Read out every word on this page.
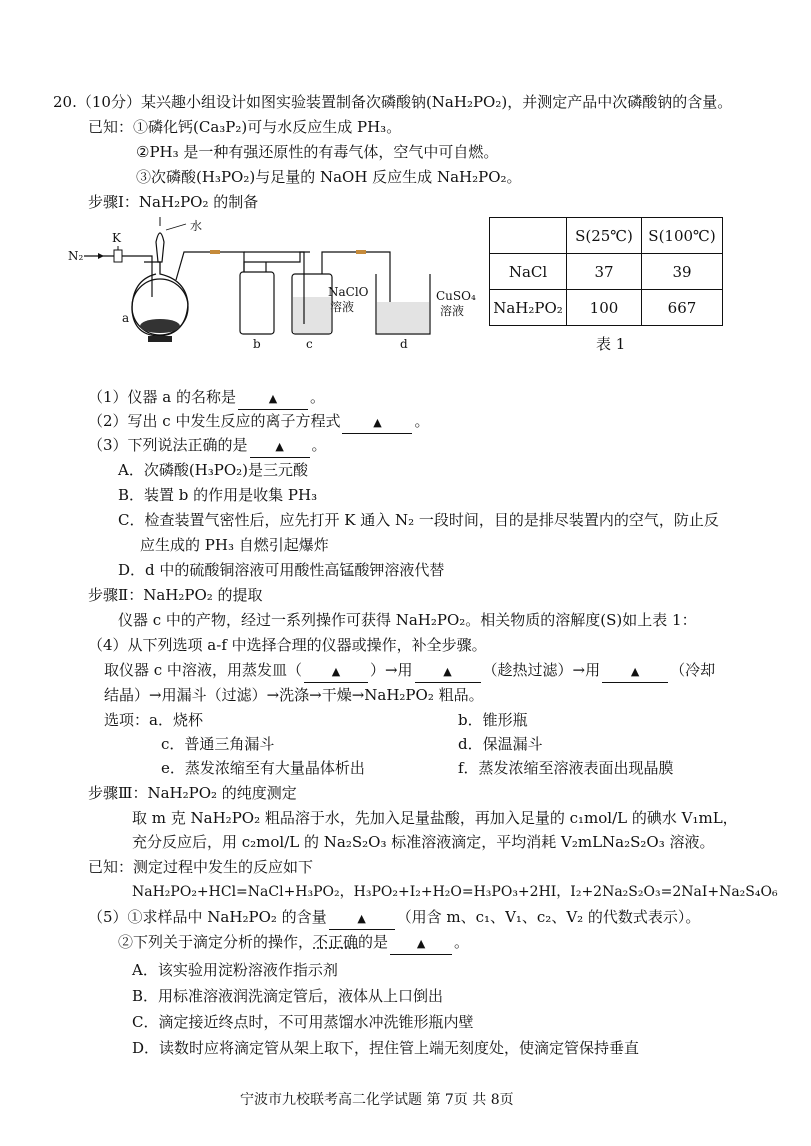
20.（10分）某兴趣小组设计如图实验装置制备次磷酸钠(NaH₂PO₂)，并测定产品中次磷酸钠的含量。
已知：①磷化钙(Ca₃P₂)可与水反应生成 PH₃。
②PH₃ 是一种有强还原性的有毒气体，空气中可自燃。
③次磷酸(H₃PO₂)与足量的 NaOH 反应生成 NaH₂PO₂。
步骤Ⅰ：NaH₂PO₂ 的制备
N₂
K
a
水
b
NaClO
溶液
c
CuSO₄
溶液
d
	S(25℃)	S(100℃)
NaCl	37	39
NaH₂PO₂	100	667
表 1
（1）仪器 a 的名称是	▲ 。
（2）写出 c 中发生反应的离子方程式	▲ 。
（3）下列说法正确的是	▲ 。
A．次磷酸(H₃PO₂)是三元酸
B．装置 b 的作用是收集 PH₃
C．检查装置气密性后，应先打开 K 通入 N₂ 一段时间，目的是排尽装置内的空气，防止反
应生成的 PH₃ 自燃引起爆炸
D．d 中的硫酸铜溶液可用酸性高锰酸钾溶液代替
步骤Ⅱ：NaH₂PO₂ 的提取
仪器 c 中的产物，经过一系列操作可获得 NaH₂PO₂。相关物质的溶解度(S)如上表 1：
（4）从下列选项 a-f 中选择合理的仪器或操作，补全步骤。
取仪器 c 中溶液，用蒸发皿（	▲ ）→用	▲ （趁热过滤）→用	▲ （冷却
结晶）→用漏斗（过滤）→洗涤→干燥→NaH₂PO₂ 粗品。
选项：a．烧杯	b．锥形瓶
c．普通三角漏斗	d．保温漏斗
e．蒸发浓缩至有大量晶体析出	f．蒸发浓缩至溶液表面出现晶膜
步骤Ⅲ：NaH₂PO₂ 的纯度测定
取 m 克 NaH₂PO₂ 粗品溶于水，先加入足量盐酸，再加入足量的 c₁mol/L 的碘水 V₁mL，
充分反应后，用 c₂mol/L 的 Na₂S₂O₃ 标准溶液滴定，平均消耗 V₂mLNa₂S₂O₃ 溶液。
已知：测定过程中发生的反应如下
NaH₂PO₂+HCl=NaCl+H₃PO₂，H₃PO₂+I₂+H₂O=H₃PO₃+2HI，I₂+2Na₂S₂O₃=2NaI+Na₂S₄O₆
（5）①求样品中 NaH₂PO₂ 的含量	▲ （用含 m、c₁、V₁、c₂、V₂ 的代数式表示）。
②下列关于滴定分析的操作，不正确的是	▲ 。
A．该实验用淀粉溶液作指示剂
B．用标准溶液润洗滴定管后，液体从上口倒出
C．滴定接近终点时，不可用蒸馏水冲洗锥形瓶内壁
D．读数时应将滴定管从架上取下，捏住管上端无刻度处，使滴定管保持垂直
宁波市九校联考高二化学试题 第 7页 共 8页
